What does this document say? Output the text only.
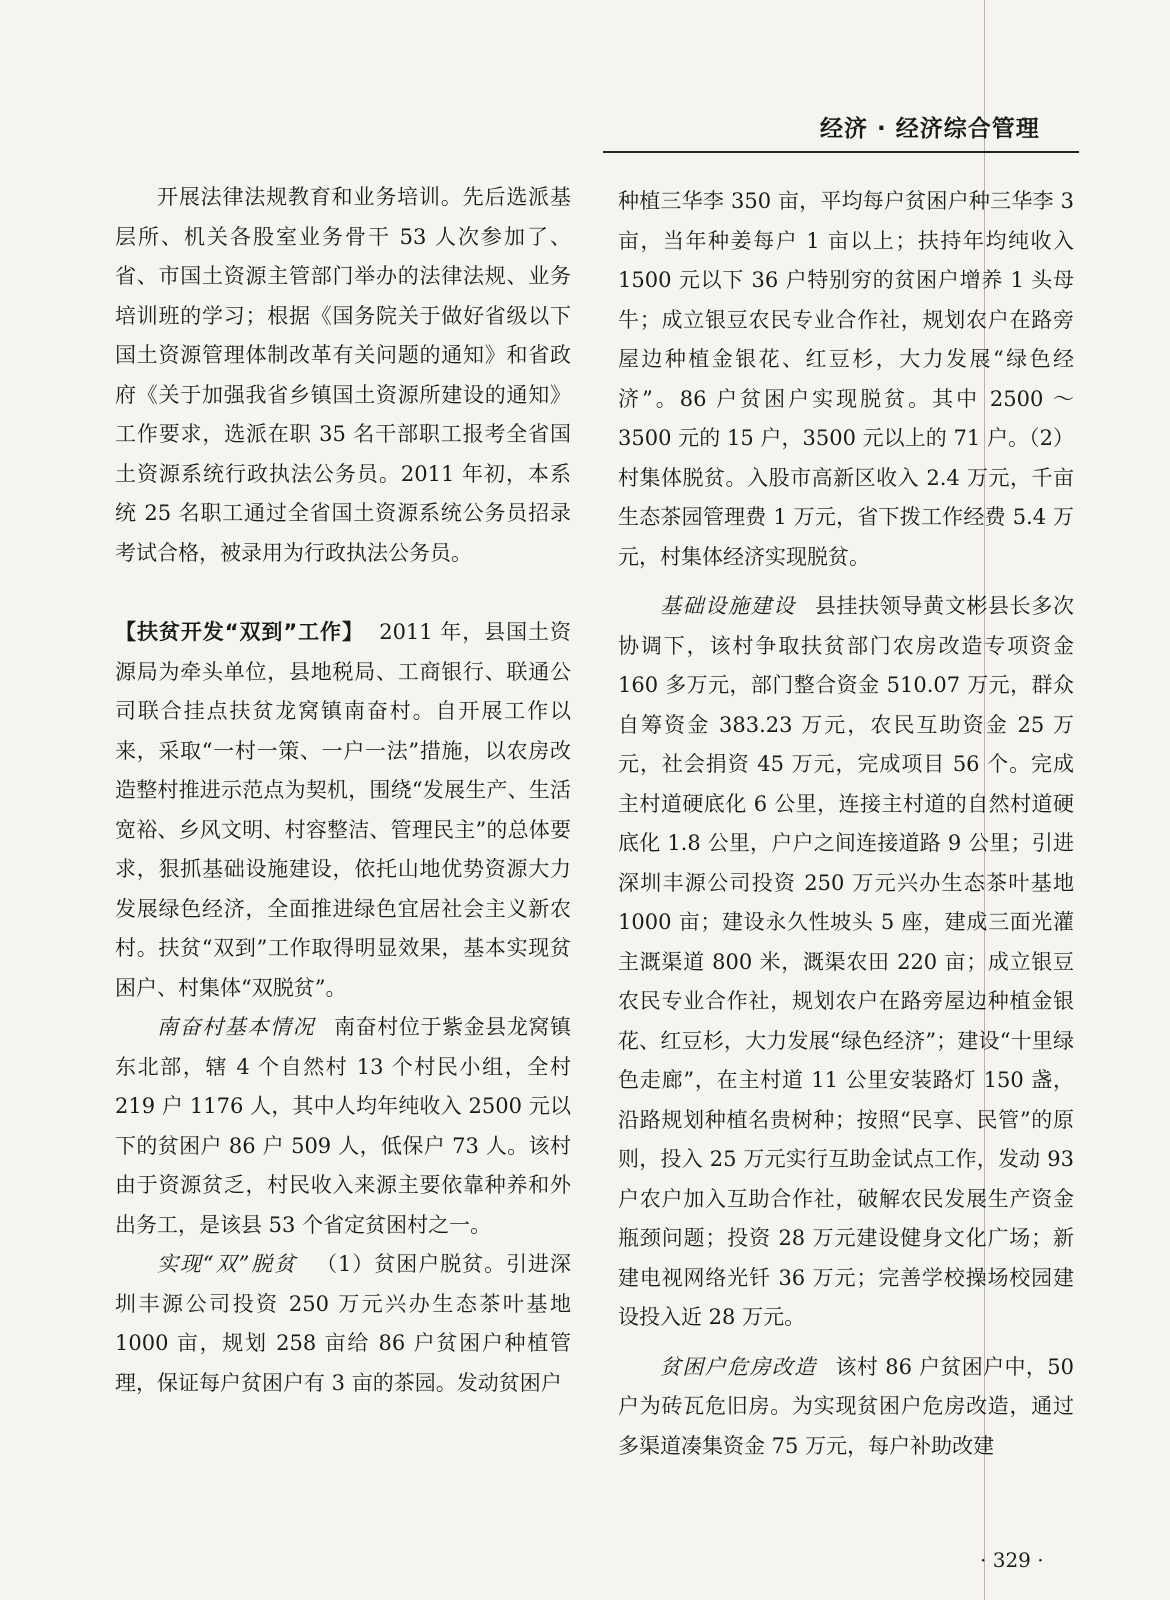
经济 · 经济综合管理

开展法律法规教育和业务培训。先后选派基层所、机关各股室业务骨干 53 人次参加了、省、市国土资源主管部门举办的法律法规、业务培训班的学习；根据《国务院关于做好省级以下国土资源管理体制改革有关问题的通知》和省政府《关于加强我省乡镇国土资源所建设的通知》工作要求，选派在职 35 名干部职工报考全省国土资源系统行政执法公务员。2011 年初，本系统 25 名职工通过全省国土资源系统公务员招录考试合格，被录用为行政执法公务员。

【扶贫开发“双到”工作】 2011 年，县国土资源局为牵头单位，县地税局、工商银行、联通公司联合挂点扶贫龙窝镇南奋村。自开展工作以来，采取“一村一策、一户一法”措施，以农房改造整村推进示范点为契机，围绕“发展生产、生活宽裕、乡风文明、村容整洁、管理民主”的总体要求，狠抓基础设施建设，依托山地优势资源大力发展绿色经济，全面推进绿色宜居社会主义新农村。扶贫“双到”工作取得明显效果，基本实现贫困户、村集体“双脱贫”。

南奋村基本情况 南奋村位于紫金县龙窝镇东北部，辖 4 个自然村 13 个村民小组，全村 219 户 1176 人，其中人均年纯收入 2500 元以下的贫困户 86 户 509 人，低保户 73 人。该村由于资源贫乏，村民收入来源主要依靠种养和外出务工，是该县 53 个省定贫困村之一。

实现“双”脱贫 （1）贫困户脱贫。引进深圳丰源公司投资 250 万元兴办生态茶叶基地 1000 亩，规划 258 亩给 86 户贫困户种植管理，保证每户贫困户有 3 亩的茶园。发动贫困户

种植三华李 350 亩，平均每户贫困户种三华李 3 亩，当年种姜每户 1 亩以上；扶持年均纯收入 1500 元以下 36 户特别穷的贫困户增养 1 头母牛；成立银豆农民专业合作社，规划农户在路旁屋边种植金银花、红豆杉，大力发展“绿色经济”。86 户贫困户实现脱贫。其中 2500 ～ 3500 元的 15 户，3500 元以上的 71 户。（2）村集体脱贫。入股市高新区收入 2.4 万元，千亩生态茶园管理费 1 万元，省下拨工作经费 5.4 万元，村集体经济实现脱贫。

基础设施建设 县挂扶领导黄文彬县长多次协调下，该村争取扶贫部门农房改造专项资金 160 多万元，部门整合资金 510.07 万元，群众自筹资金 383.23 万元，农民互助资金 25 万元，社会捐资 45 万元，完成项目 56 个。完成主村道硬底化 6 公里，连接主村道的自然村道硬底化 1.8 公里，户户之间连接道路 9 公里；引进深圳丰源公司投资 250 万元兴办生态茶叶基地 1000 亩；建设永久性坡头 5 座，建成三面光灌主溉渠道 800 米，溉渠农田 220 亩；成立银豆农民专业合作社，规划农户在路旁屋边种植金银花、红豆杉，大力发展“绿色经济”；建设“十里绿色走廊”，在主村道 11 公里安装路灯 150 盏，沿路规划种植名贵树种；按照“民享、民管”的原则，投入 25 万元实行互助金试点工作，发动 93 户农户加入互助合作社，破解农民发展生产资金瓶颈问题；投资 28 万元建设健身文化广场；新建电视网络光钎 36 万元；完善学校操场校园建设投入近 28 万元。

贫困户危房改造 该村 86 户贫困户中，50 户为砖瓦危旧房。为实现贫困户危房改造，通过多渠道凑集资金 75 万元，每户补助改建

· 329 ·
